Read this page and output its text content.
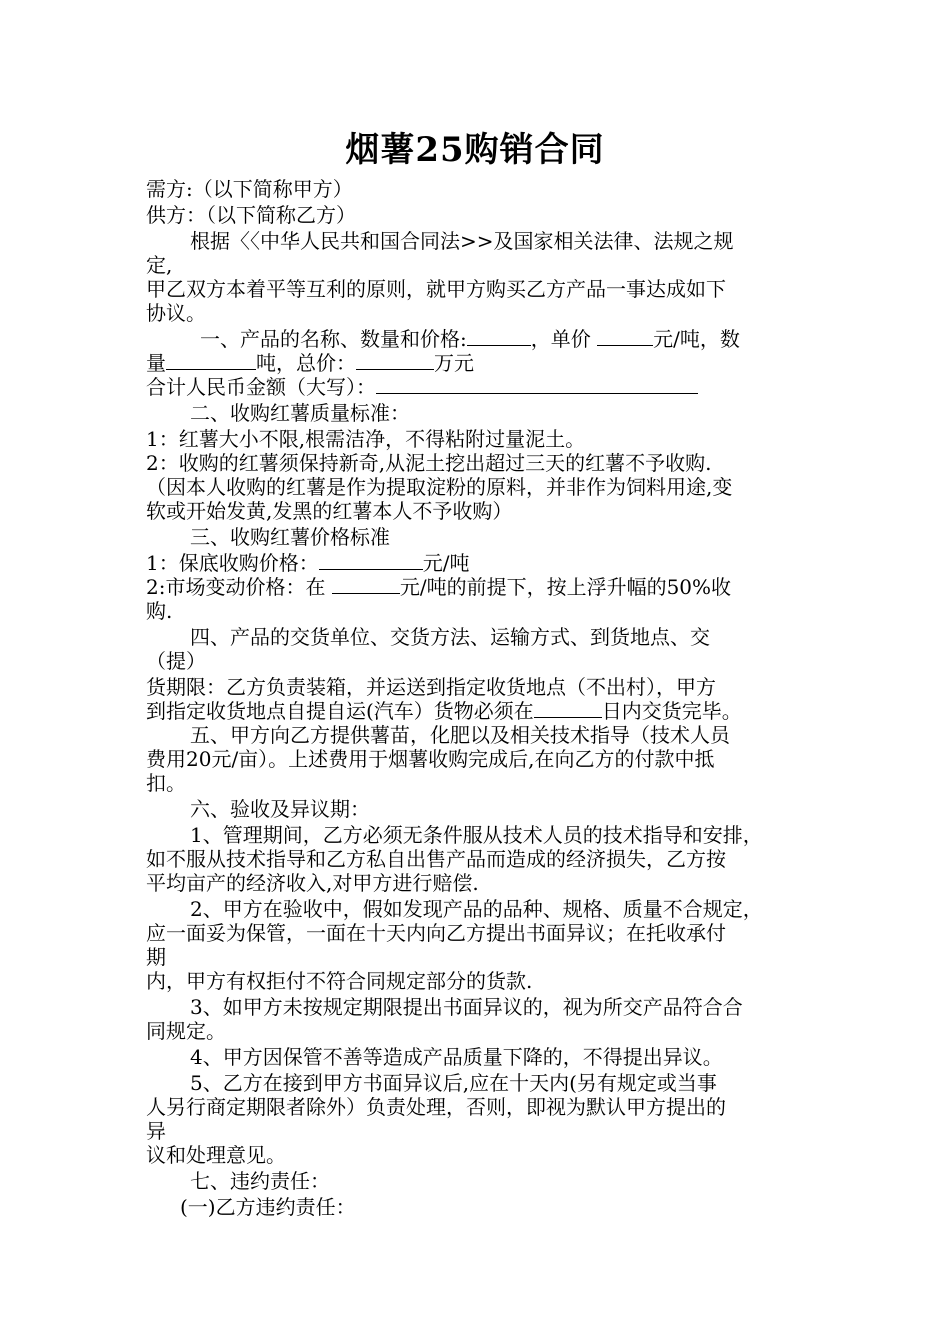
烟薯25购销合同
需方:（以下简称甲方）
供方：（以下简称乙方）
根据〈〈中华人民共和国合同法>>及国家相关法律、法规之规
定,
甲乙双方本着平等互利的原则，就甲方购买乙方产品一事达成如下
协议。
一、产品的名称、数量和价格:	，单价	元/吨，数
量	吨，总价：	万元
合计人民币金额（大写）：
二、收购红薯质量标准：
1：红薯大小不限,根需洁净，不得粘附过量泥土。
2：收购的红薯须保持新奇,从泥土挖出超过三天的红薯不予收购.
（因本人收购的红薯是作为提取淀粉的原料，并非作为饲料用途,变
软或开始发黄,发黑的红薯本人不予收购）
三、收购红薯价格标准
1：保底收购价格：	元/吨
2:市场变动价格：在	元/吨的前提下，按上浮升幅的50%收
购.
四、产品的交货单位、交货方法、运输方式、到货地点、交
（提）
货期限：乙方负责装箱，并运送到指定收货地点（不出村），甲方
到指定收货地点自提自运(汽车）货物必须在	日内交货完毕。
五、甲方向乙方提供薯苗，化肥以及相关技术指导（技术人员
费用20元/亩）。上述费用于烟薯收购完成后,在向乙方的付款中抵
扣。
六、验收及异议期：
1、管理期间，乙方必须无条件服从技术人员的技术指导和安排，
如不服从技术指导和乙方私自出售产品而造成的经济损失，乙方按
平均亩产的经济收入,对甲方进行赔偿.
2、甲方在验收中，假如发现产品的品种、规格、质量不合规定，
应一面妥为保管，一面在十天内向乙方提出书面异议；在托收承付
期
内，甲方有权拒付不符合同规定部分的货款.
3、如甲方未按规定期限提出书面异议的，视为所交产品符合合
同规定。
4、甲方因保管不善等造成产品质量下降的，不得提出异议。
5、乙方在接到甲方书面异议后,应在十天内(另有规定或当事
人另行商定期限者除外）负责处理，否则，即视为默认甲方提出的
异
议和处理意见。
七、违约责任：
(一)乙方违约责任：
